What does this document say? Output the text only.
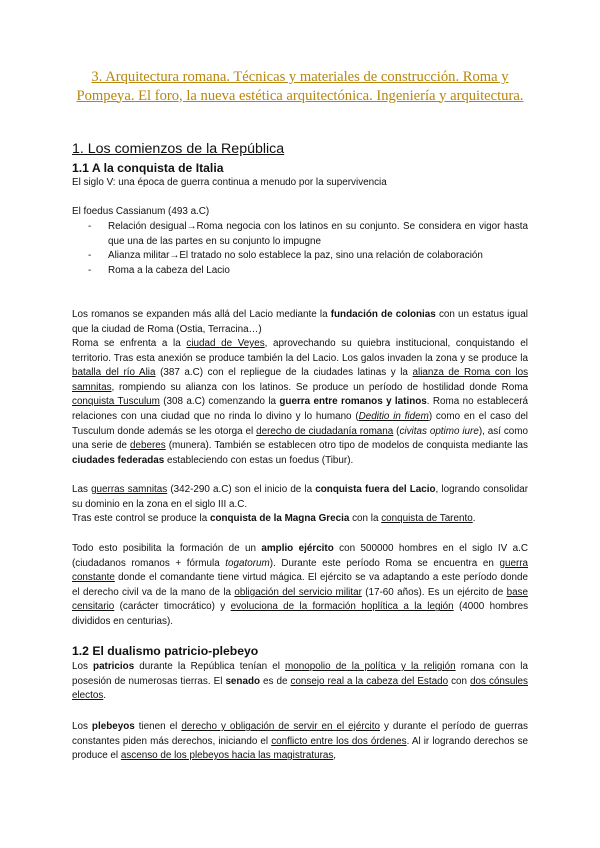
3. Arquitectura romana. Técnicas y materiales de construcción. Roma y Pompeya. El foro, la nueva estética arquitectónica. Ingeniería y arquitectura.
1. Los comienzos de la República
1.1 A la conquista de Italia
El siglo V: una época de guerra continua a menudo por la supervivencia
El foedus Cassianum (493 a.C)
- Relación desigual→Roma negocia con los latinos en su conjunto. Se considera en vigor hasta que una de las partes en su conjunto lo impugne
- Alianza militar→El tratado no solo establece la paz, sino una relación de colaboración
- Roma a la cabeza del Lacio
Los romanos se expanden más allá del Lacio mediante la fundación de colonias con un estatus igual que la ciudad de Roma (Ostia, Terracina…)
Roma se enfrenta a la ciudad de Veyes, aprovechando su quiebra institucional, conquistando el territorio. Tras esta anexión se produce también la del Lacio. Los galos invaden la zona y se produce la batalla del río Alia (387 a.C) con el repliegue de la ciudades latinas y la alianza de Roma con los samnitas, rompiendo su alianza con los latinos. Se produce un período de hostilidad donde Roma conquista Tusculum (308 a.C) comenzando la guerra entre romanos y latinos. Roma no establecerá relaciones con una ciudad que no rinda lo divino y lo humano (Deditio in fidem) como en el caso del Tusculum donde además se les otorga el derecho de ciudadanía romana (civitas optimo iure), así como una serie de deberes (munera). También se establecen otro tipo de modelos de conquista mediante las ciudades federadas estableciendo con estas un foedus (Tibur).
Las guerras samnitas (342-290 a.C) son el inicio de la conquista fuera del Lacio, logrando consolidar su dominio en la zona en el siglo III a.C.
Tras este control se produce la conquista de la Magna Grecia con la conquista de Tarento.
Todo esto posibilita la formación de un amplio ejército con 500000 hombres en el siglo IV a.C (ciudadanos romanos + fórmula togatorum). Durante este período Roma se encuentra en guerra constante donde el comandante tiene virtud mágica. El ejército se va adaptando a este período donde el derecho civil va de la mano de la obligación del servicio militar (17-60 años). Es un ejército de base censitario (carácter timocrático) y evoluciona de la formación hoplítica a la legión (4000 hombres divididos en centurias).
1.2 El dualismo patricio-plebeyo
Los patricios durante la República tenían el monopolio de la política y la religión romana con la posesión de numerosas tierras. El senado es de consejo real a la cabeza del Estado con dos cónsules electos.
Los plebeyos tienen el derecho y obligación de servir en el ejército y durante el período de guerras constantes piden más derechos, iniciando el conflicto entre los dos órdenes. Al ir logrando derechos se produce el ascenso de los plebeyos hacia las magistraturas,
